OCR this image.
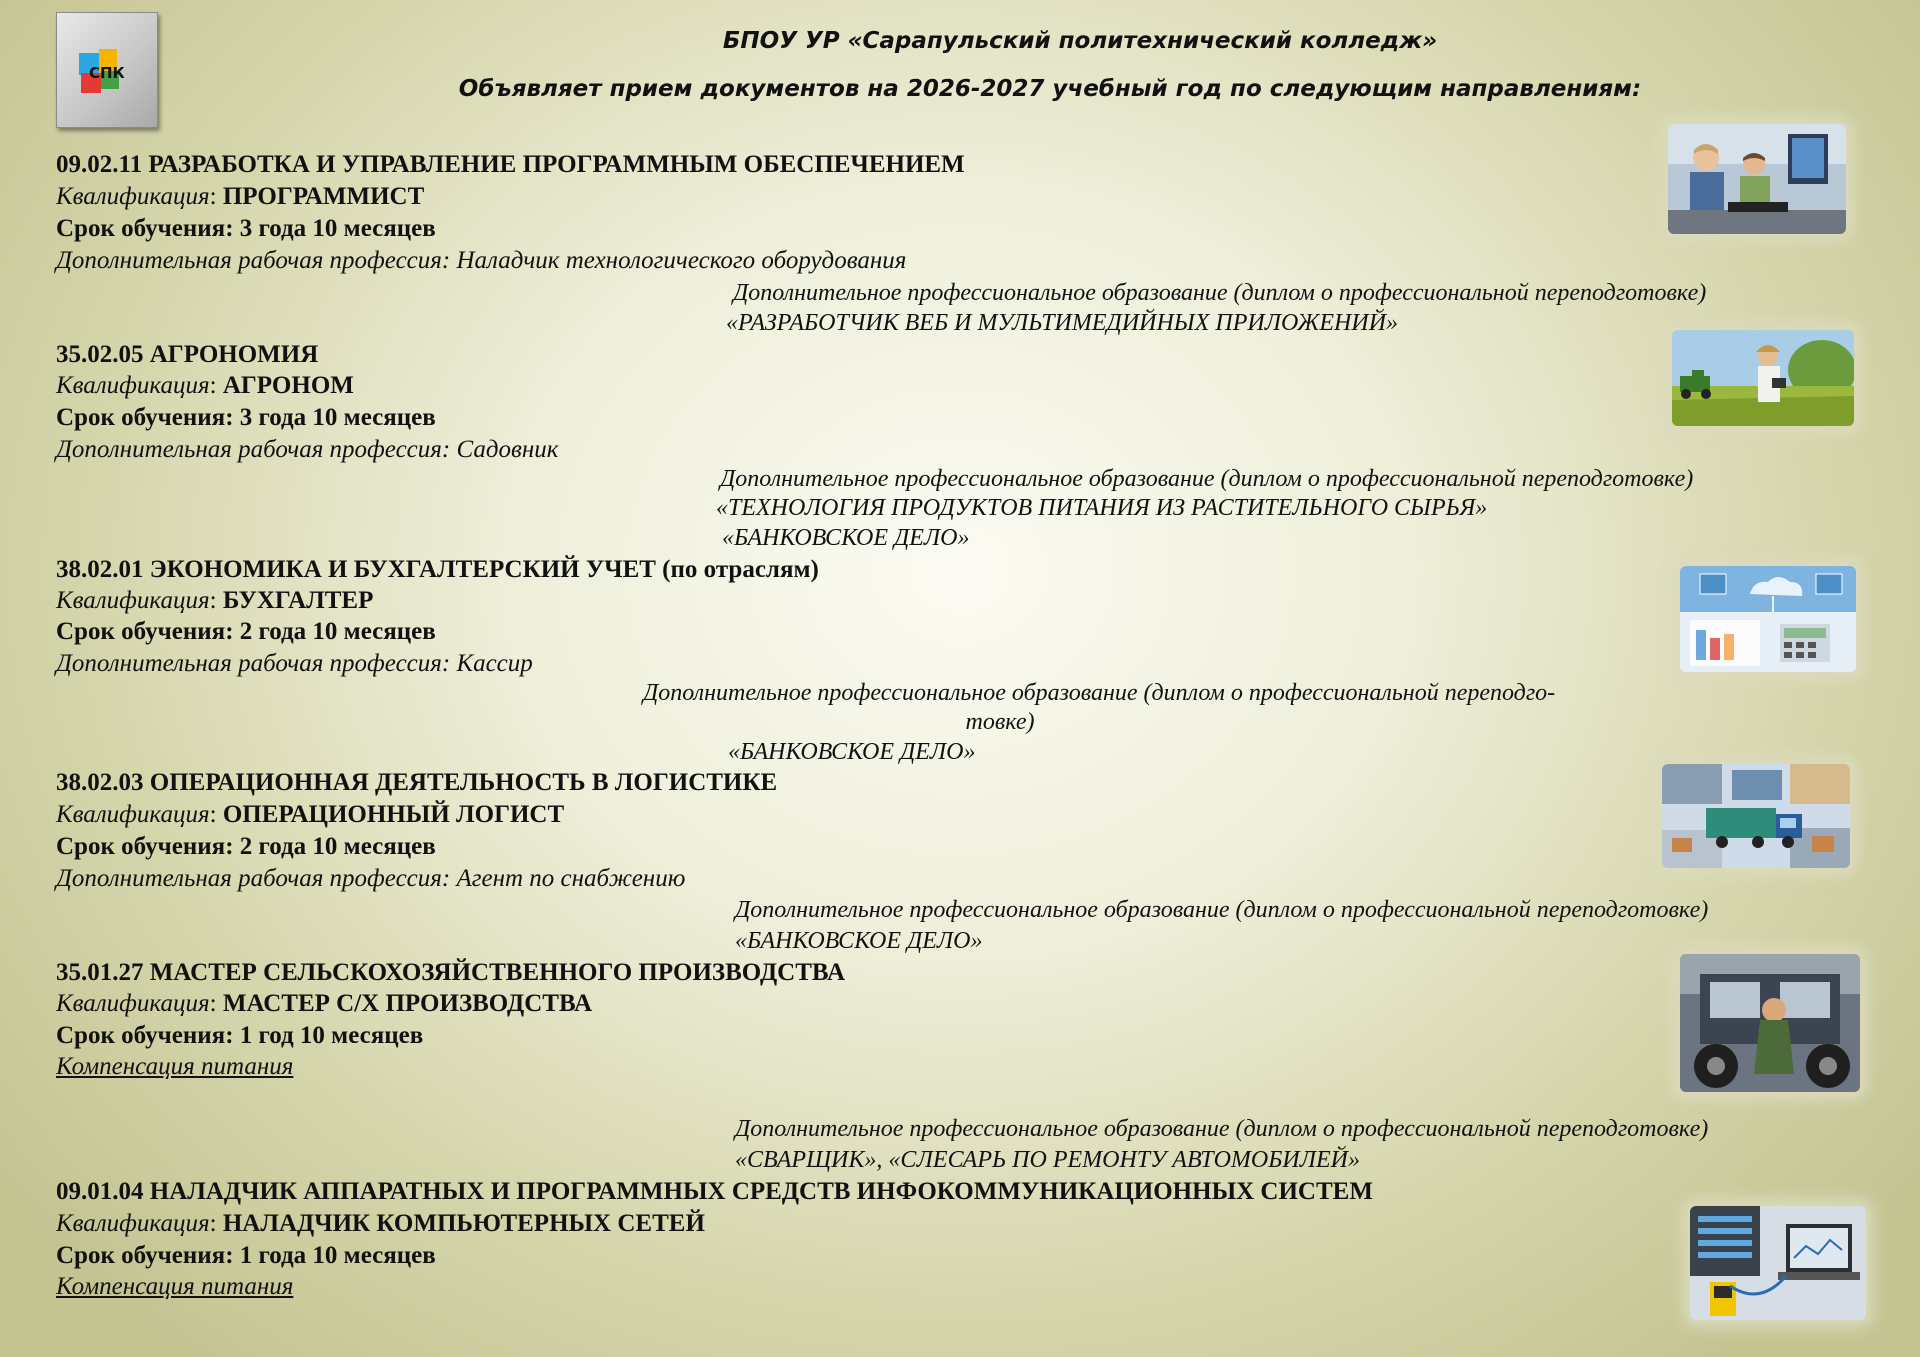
СПК
БПОУ УР «Сарапульский политехнический колледж»
Объявляет прием документов на 2026-2027 учебный год по следующим направлениям:
09.02.11 РАЗРАБОТКА И УПРАВЛЕНИЕ ПРОГРАММНЫМ ОБЕСПЕЧЕНИЕМ
Квалификация: ПРОГРАММИСТ
Срок обучения: 3 года 10 месяцев
Дополнительная рабочая профессия: Наладчик технологического оборудования
Дополнительное профессиональное образование (диплом о профессиональной переподготовке)
«РАЗРАБОТЧИК ВЕБ И МУЛЬТИМЕДИЙНЫХ ПРИЛОЖЕНИЙ»
35.02.05 АГРОНОМИЯ
Квалификация: АГРОНОМ
Срок обучения: 3 года 10 месяцев
Дополнительная рабочая профессия: Садовник
Дополнительное профессиональное образование (диплом о профессиональной переподготовке)
«ТЕХНОЛОГИЯ ПРОДУКТОВ ПИТАНИЯ ИЗ РАСТИТЕЛЬНОГО СЫРЬЯ»
«БАНКОВСКОЕ ДЕЛО»
38.02.01 ЭКОНОМИКА И БУХГАЛТЕРСКИЙ УЧЕТ (по отраслям)
Квалификация: БУХГАЛТЕР
Срок обучения: 2 года 10 месяцев
Дополнительная рабочая профессия: Кассир
Дополнительное профессиональное образование (диплом о профессиональной переподго-
товке)
«БАНКОВСКОЕ ДЕЛО»
38.02.03 ОПЕРАЦИОННАЯ ДЕЯТЕЛЬНОСТЬ В ЛОГИСТИКЕ
Квалификация: ОПЕРАЦИОННЫЙ ЛОГИСТ
Срок обучения: 2 года 10 месяцев
Дополнительная рабочая профессия: Агент по снабжению
Дополнительное профессиональное образование (диплом о профессиональной переподготовке)
«БАНКОВСКОЕ ДЕЛО»
35.01.27 МАСТЕР СЕЛЬСКОХОЗЯЙСТВЕННОГО ПРОИЗВОДСТВА
Квалификация: МАСТЕР С/Х ПРОИЗВОДСТВА
Срок обучения: 1 год 10 месяцев
Компенсация питания
Дополнительное профессиональное образование (диплом о профессиональной переподготовке)
«СВАРЩИК», «СЛЕСАРЬ ПО РЕМОНТУ АВТОМОБИЛЕЙ»
09.01.04 НАЛАДЧИК АППАРАТНЫХ И ПРОГРАММНЫХ СРЕДСТВ ИНФОКОММУНИКАЦИОННЫХ СИСТЕМ
Квалификация: НАЛАДЧИК КОМПЬЮТЕРНЫХ СЕТЕЙ
Срок обучения: 1 года 10 месяцев
Компенсация питания
